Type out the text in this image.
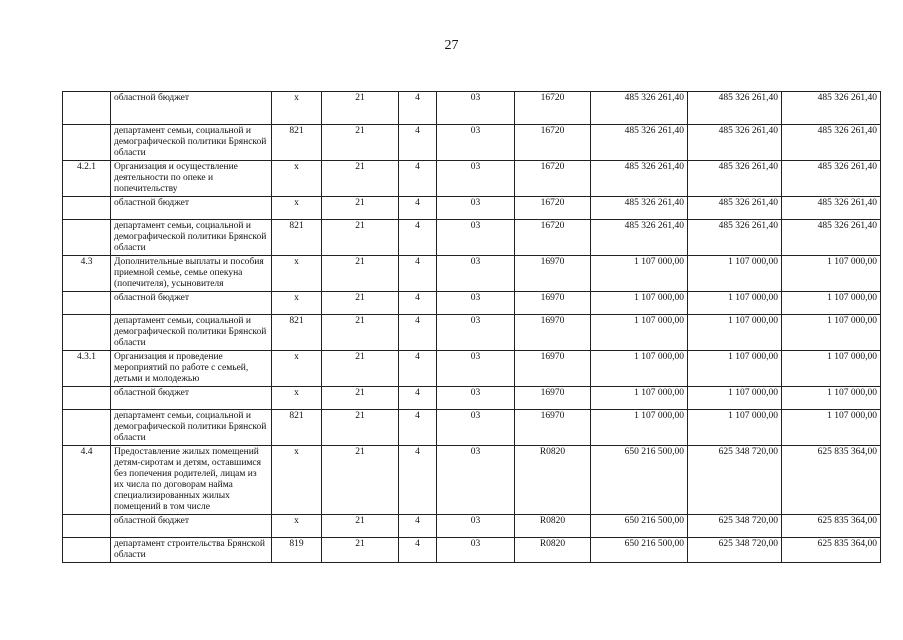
27
	областной бюджет	x	21	4	03	16720	485 326 261,40	485 326 261,40	485 326 261,40
	департамент семьи, социальной и демографической политики Брянской области	821	21	4	03	16720	485 326 261,40	485 326 261,40	485 326 261,40
4.2.1	Организация и осуществление деятельности по опеке и попечительству	x	21	4	03	16720	485 326 261,40	485 326 261,40	485 326 261,40
	областной бюджет	x	21	4	03	16720	485 326 261,40	485 326 261,40	485 326 261,40
	департамент семьи, социальной и демографической политики Брянской области	821	21	4	03	16720	485 326 261,40	485 326 261,40	485 326 261,40
4.3	Дополнительные выплаты и пособия приемной семье, семье опекуна (попечителя), усыновителя	x	21	4	03	16970	1 107 000,00	1 107 000,00	1 107 000,00
	областной бюджет	x	21	4	03	16970	1 107 000,00	1 107 000,00	1 107 000,00
	департамент семьи, социальной и демографической политики Брянской области	821	21	4	03	16970	1 107 000,00	1 107 000,00	1 107 000,00
4.3.1	Организация и проведение мероприятий по работе с семьей, детьми и молодежью	x	21	4	03	16970	1 107 000,00	1 107 000,00	1 107 000,00
	областной бюджет	x	21	4	03	16970	1 107 000,00	1 107 000,00	1 107 000,00
	департамент семьи, социальной и демографической политики Брянской области	821	21	4	03	16970	1 107 000,00	1 107 000,00	1 107 000,00
4.4	Предоставление жилых помещений детям-сиротам и детям, оставшимся без попечения родителей, лицам из их числа по договорам найма специализированных жилых помещений в том числе	x	21	4	03	R0820	650 216 500,00	625 348 720,00	625 835 364,00
	областной бюджет	x	21	4	03	R0820	650 216 500,00	625 348 720,00	625 835 364,00
	департамент строительства Брянской области	819	21	4	03	R0820	650 216 500,00	625 348 720,00	625 835 364,00
